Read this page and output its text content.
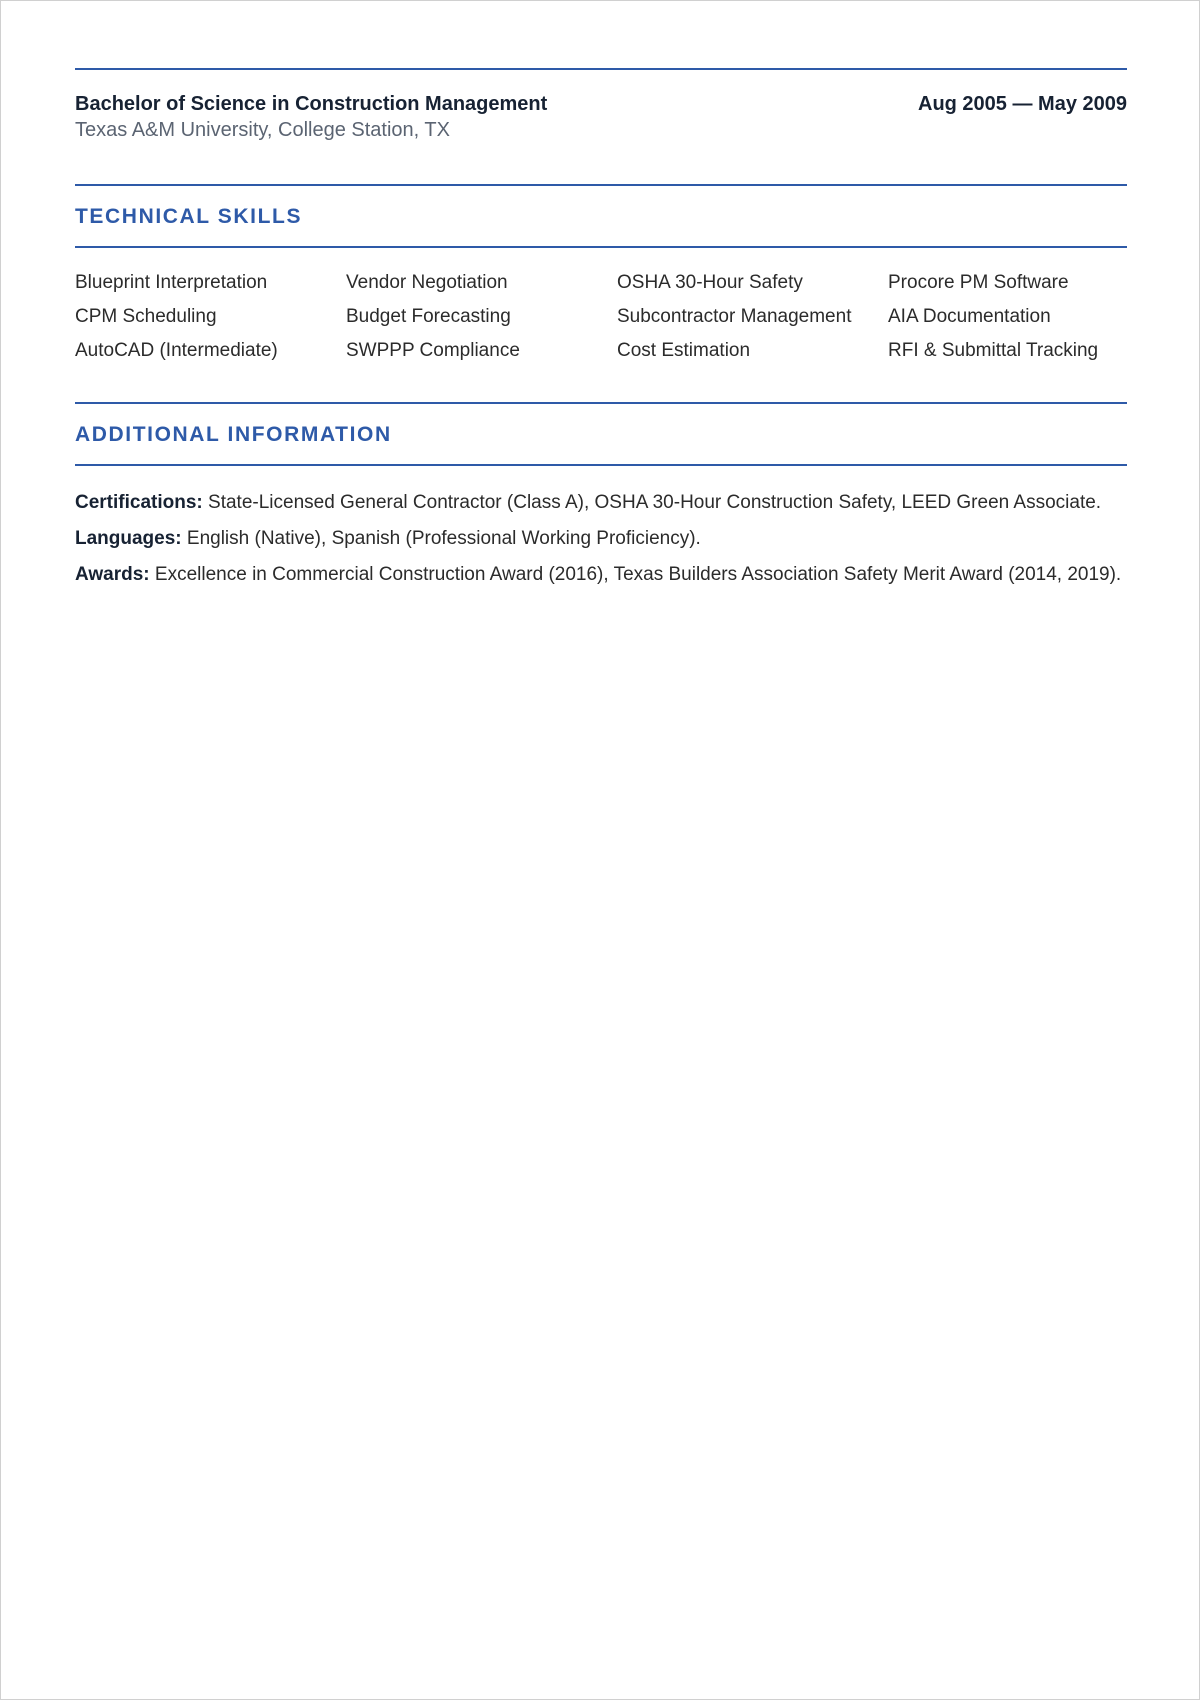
Bachelor of Science in Construction Management	Aug 2005 — May 2009
Texas A&M University, College Station, TX
TECHNICAL SKILLS
Blueprint Interpretation	Vendor Negotiation	OSHA 30-Hour Safety	Procore PM Software
CPM Scheduling	Budget Forecasting	Subcontractor Management	AIA Documentation
AutoCAD (Intermediate)	SWPPP Compliance	Cost Estimation	RFI & Submittal Tracking
ADDITIONAL INFORMATION
Certifications: State-Licensed General Contractor (Class A), OSHA 30-Hour Construction Safety, LEED Green Associate.
Languages: English (Native), Spanish (Professional Working Proficiency).
Awards: Excellence in Commercial Construction Award (2016), Texas Builders Association Safety Merit Award (2014, 2019).
